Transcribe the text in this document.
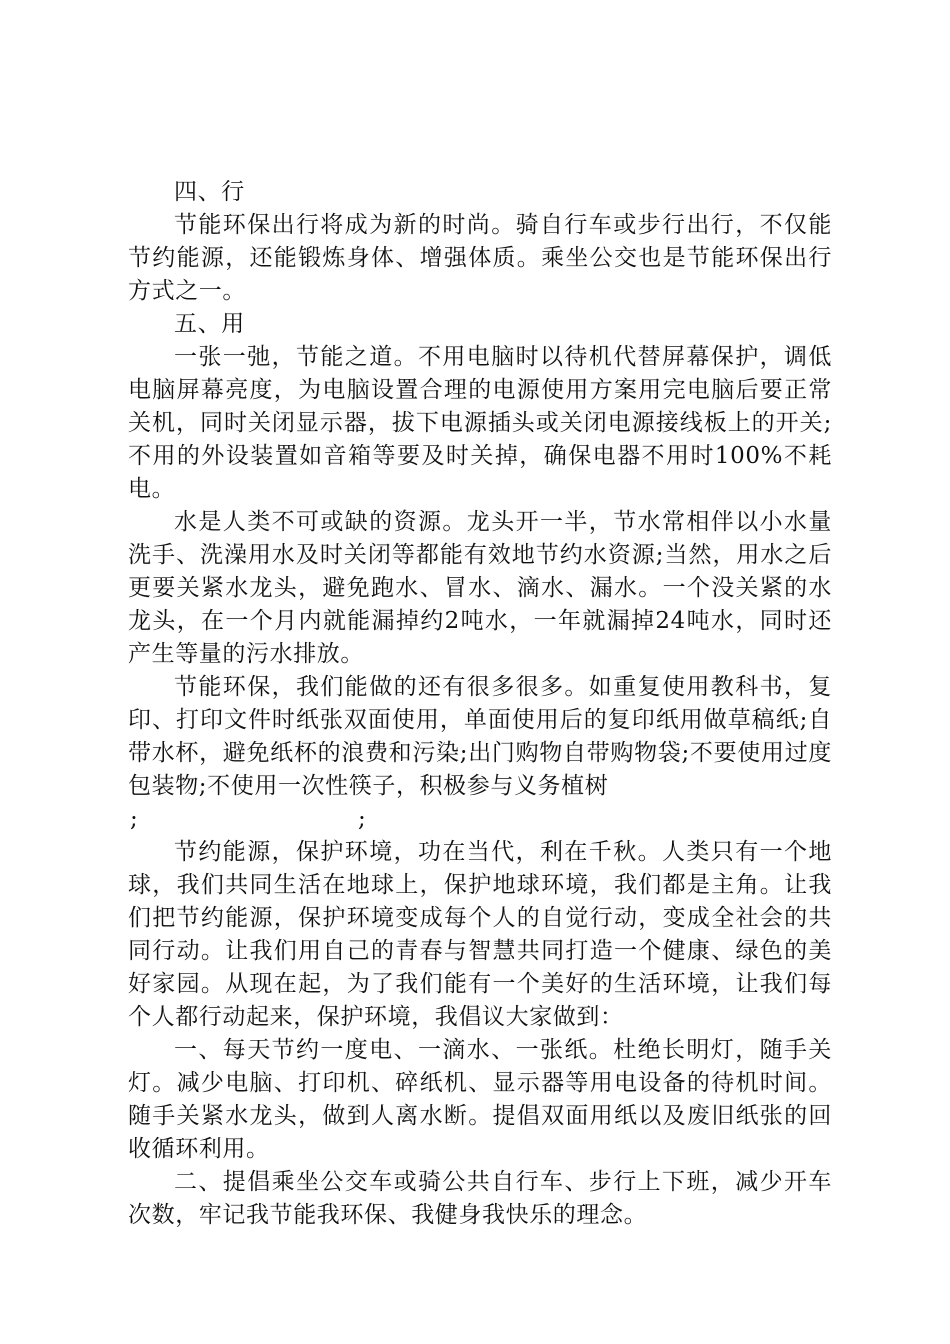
四、行

节能环保出行将成为新的时尚。骑自行车或步行出行，不仅能节约能源，还能锻炼身体、增强体质。乘坐公交也是节能环保出行方式之一。

五、用

一张一弛，节能之道。不用电脑时以待机代替屏幕保护，调低电脑屏幕亮度，为电脑设置合理的电源使用方案用完电脑后要正常关机，同时关闭显示器，拔下电源插头或关闭电源接线板上的开关;不用的外设装置如音箱等要及时关掉，确保电器不用时100%不耗电。

水是人类不可或缺的资源。龙头开一半，节水常相伴以小水量洗手、洗澡用水及时关闭等都能有效地节约水资源;当然，用水之后更要关紧水龙头，避免跑水、冒水、滴水、漏水。一个没关紧的水龙头，在一个月内就能漏掉约2吨水，一年就漏掉24吨水，同时还产生等量的污水排放。

节能环保，我们能做的还有很多很多。如重复使用教科书，复印、打印文件时纸张双面使用，单面使用后的复印纸用做草稿纸;自带水杯，避免纸杯的浪费和污染;出门购物自带购物袋;不要使用过度包装物;不使用一次性筷子，积极参与义务植树

;	;

节约能源，保护环境，功在当代，利在千秋。人类只有一个地球，我们共同生活在地球上，保护地球环境，我们都是主角。让我们把节约能源，保护环境变成每个人的自觉行动，变成全社会的共同行动。让我们用自己的青春与智慧共同打造一个健康、绿色的美好家园。从现在起，为了我们能有一个美好的生活环境，让我们每个人都行动起来，保护环境，我倡议大家做到：

一、每天节约一度电、一滴水、一张纸。杜绝长明灯，随手关灯。减少电脑、打印机、碎纸机、显示器等用电设备的待机时间。随手关紧水龙头，做到人离水断。提倡双面用纸以及废旧纸张的回收循环利用。

二、提倡乘坐公交车或骑公共自行车、步行上下班，减少开车次数，牢记我节能我环保、我健身我快乐的理念。
